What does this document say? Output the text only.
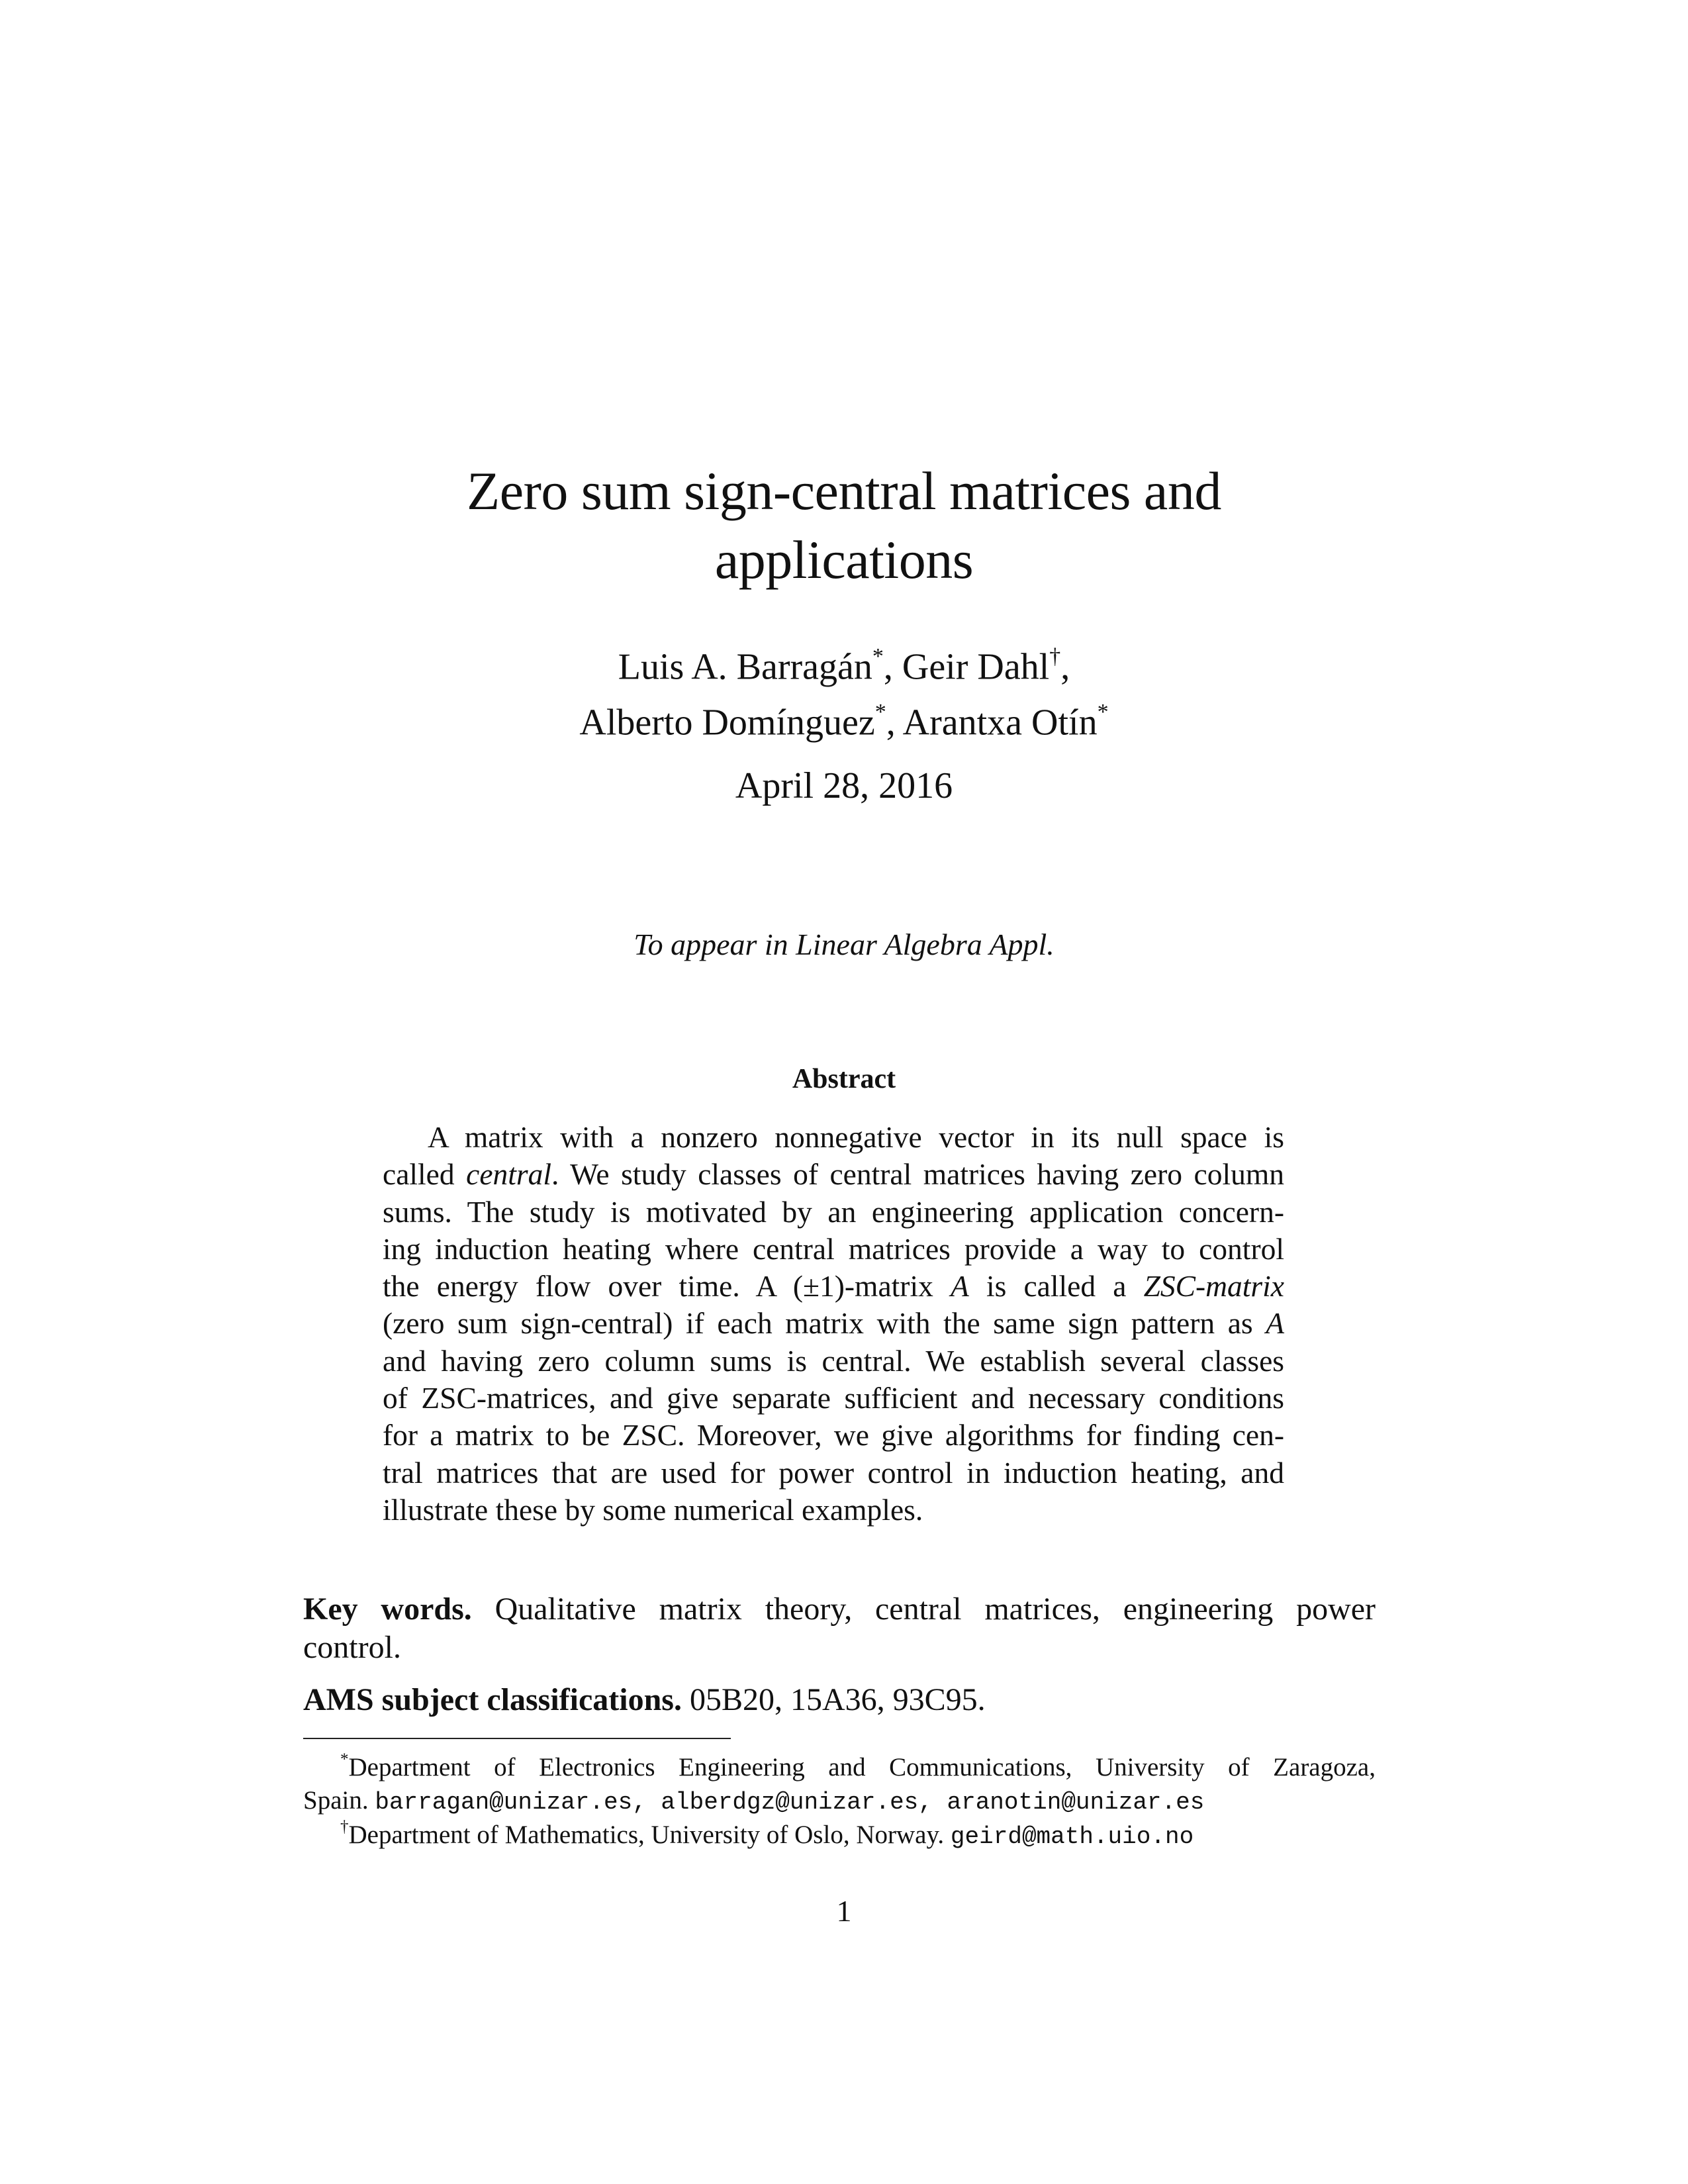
Zero sum sign-central matrices and
applications
Luis A. Barragán*, Geir Dahl†,
Alberto Domínguez*, Arantxa Otín*
April 28, 2016
To appear in Linear Algebra Appl.
Abstract
A matrix with a nonzero nonnegative vector in its null space is
called central. We study classes of central matrices having zero column
sums. The study is motivated by an engineering application concern-
ing induction heating where central matrices provide a way to control
the energy flow over time. A (±1)-matrix A is called a ZSC-matrix
(zero sum sign-central) if each matrix with the same sign pattern as A
and having zero column sums is central. We establish several classes
of ZSC-matrices, and give separate sufficient and necessary conditions
for a matrix to be ZSC. Moreover, we give algorithms for finding cen-
tral matrices that are used for power control in induction heating, and
illustrate these by some numerical examples.
Key words. Qualitative matrix theory, central matrices, engineering power
control.
AMS subject classifications. 05B20, 15A36, 93C95.
*Department of Electronics Engineering and Communications, University of Zaragoza,
Spain. barragan@unizar.es, alberdgz@unizar.es, aranotin@unizar.es
†Department of Mathematics, University of Oslo, Norway. geird@math.uio.no
1
